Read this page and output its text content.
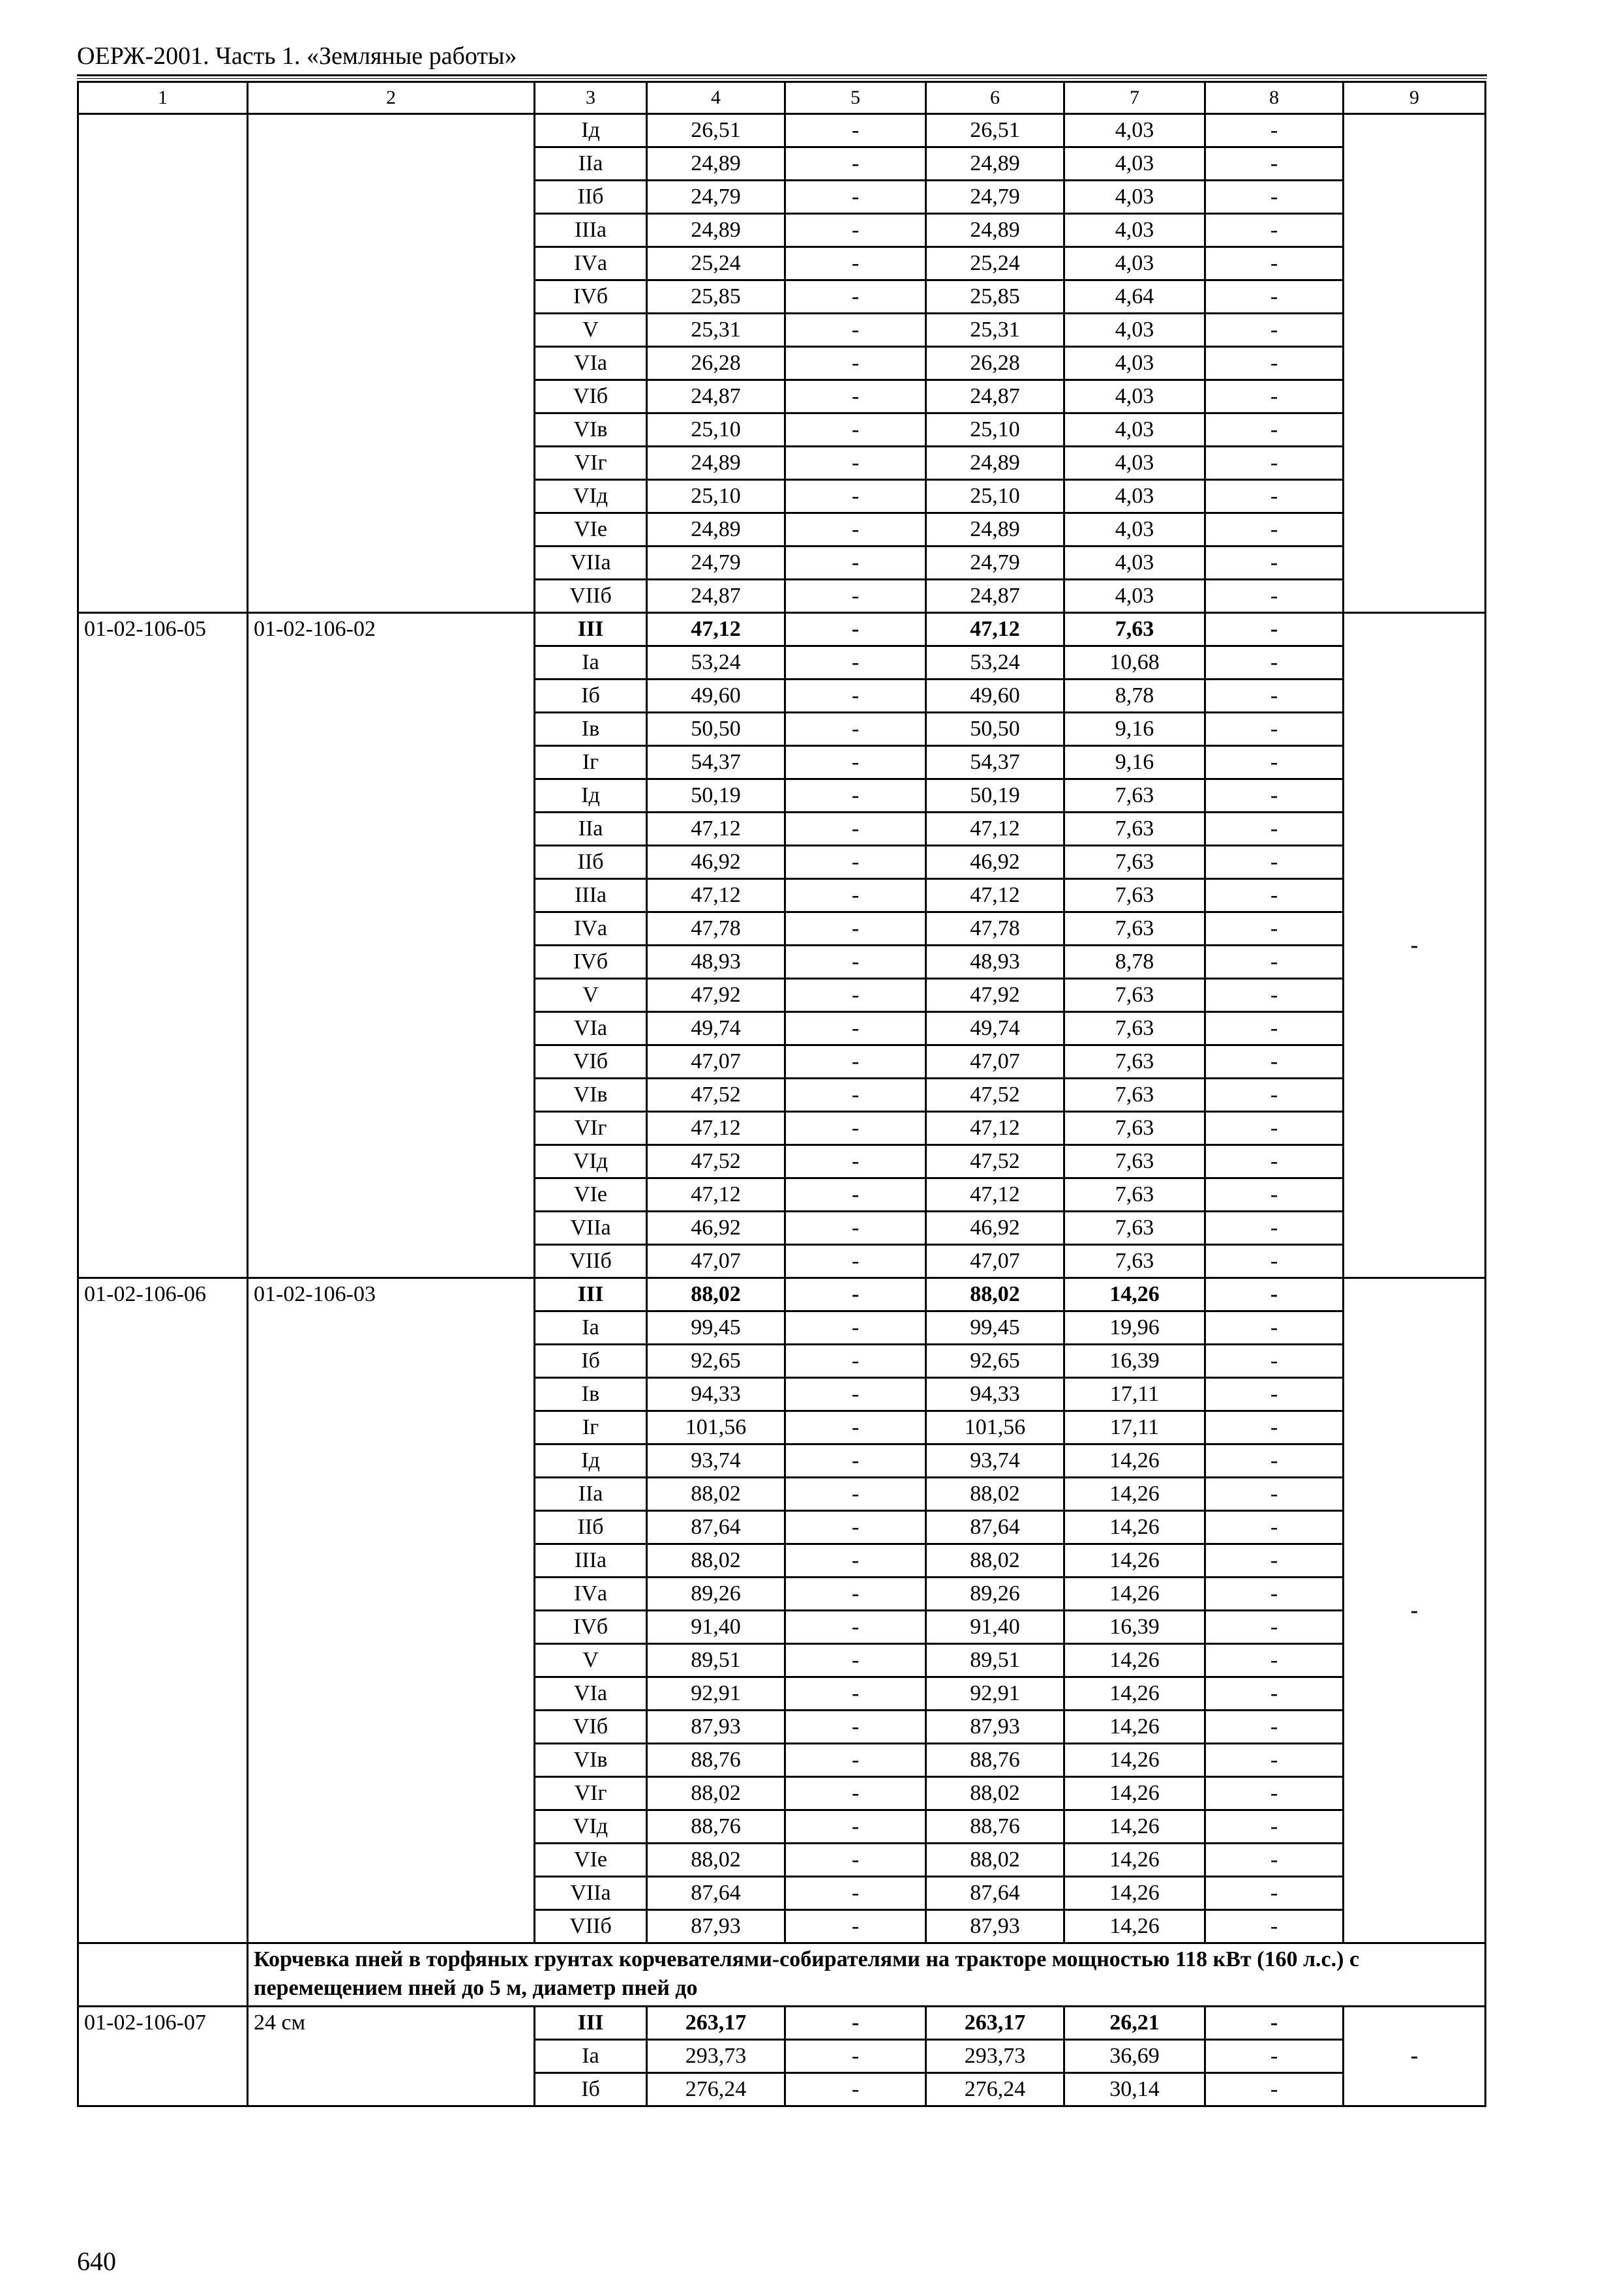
ОЕРЖ-2001. Часть 1. «Земляные работы»
1	2	3	4	5	6	7	8	9
		Iд	26,51	-	26,51	4,03	-	
		IIа	24,89	-	24,89	4,03	-	
		IIб	24,79	-	24,79	4,03	-	
		IIIа	24,89	-	24,89	4,03	-	
		IVа	25,24	-	25,24	4,03	-	
		IVб	25,85	-	25,85	4,64	-	
		V	25,31	-	25,31	4,03	-	
		VIа	26,28	-	26,28	4,03	-	
		VIб	24,87	-	24,87	4,03	-	
		VIв	25,10	-	25,10	4,03	-	
		VIг	24,89	-	24,89	4,03	-	
		VIд	25,10	-	25,10	4,03	-	
		VIе	24,89	-	24,89	4,03	-	
		VIIа	24,79	-	24,79	4,03	-	
		VIIб	24,87	-	24,87	4,03	-	
01-02-106-05	01-02-106-02	III	47,12	-	47,12	7,63	-	-
		Iа	53,24	-	53,24	10,68	-	
		Iб	49,60	-	49,60	8,78	-	
		Iв	50,50	-	50,50	9,16	-	
		Iг	54,37	-	54,37	9,16	-	
		Iд	50,19	-	50,19	7,63	-	
		IIа	47,12	-	47,12	7,63	-	
		IIб	46,92	-	46,92	7,63	-	
		IIIа	47,12	-	47,12	7,63	-	
		IVа	47,78	-	47,78	7,63	-	
		IVб	48,93	-	48,93	8,78	-	
		V	47,92	-	47,92	7,63	-	
		VIа	49,74	-	49,74	7,63	-	
		VIб	47,07	-	47,07	7,63	-	
		VIв	47,52	-	47,52	7,63	-	
		VIг	47,12	-	47,12	7,63	-	
		VIд	47,52	-	47,52	7,63	-	
		VIе	47,12	-	47,12	7,63	-	
		VIIа	46,92	-	46,92	7,63	-	
		VIIб	47,07	-	47,07	7,63	-	
01-02-106-06	01-02-106-03	III	88,02	-	88,02	14,26	-	-
		Iа	99,45	-	99,45	19,96	-	
		Iб	92,65	-	92,65	16,39	-	
		Iв	94,33	-	94,33	17,11	-	
		Iг	101,56	-	101,56	17,11	-	
		Iд	93,74	-	93,74	14,26	-	
		IIа	88,02	-	88,02	14,26	-	
		IIб	87,64	-	87,64	14,26	-	
		IIIа	88,02	-	88,02	14,26	-	
		IVа	89,26	-	89,26	14,26	-	
		IVб	91,40	-	91,40	16,39	-	
		V	89,51	-	89,51	14,26	-	
		VIа	92,91	-	92,91	14,26	-	
		VIб	87,93	-	87,93	14,26	-	
		VIв	88,76	-	88,76	14,26	-	
		VIг	88,02	-	88,02	14,26	-	
		VIд	88,76	-	88,76	14,26	-	
		VIе	88,02	-	88,02	14,26	-	
		VIIа	87,64	-	87,64	14,26	-	
		VIIб	87,93	-	87,93	14,26	-	
	Корчевка пней в торфяных грунтах корчевателями-собирателями на тракторе мощностью 118 кВт (160 л.с.) с перемещением пней до 5 м, диаметр пней до							
01-02-106-07	24 см	III	263,17	-	263,17	26,21	-	-
		Iа	293,73	-	293,73	36,69	-	
		Iб	276,24	-	276,24	30,14	-	
640
